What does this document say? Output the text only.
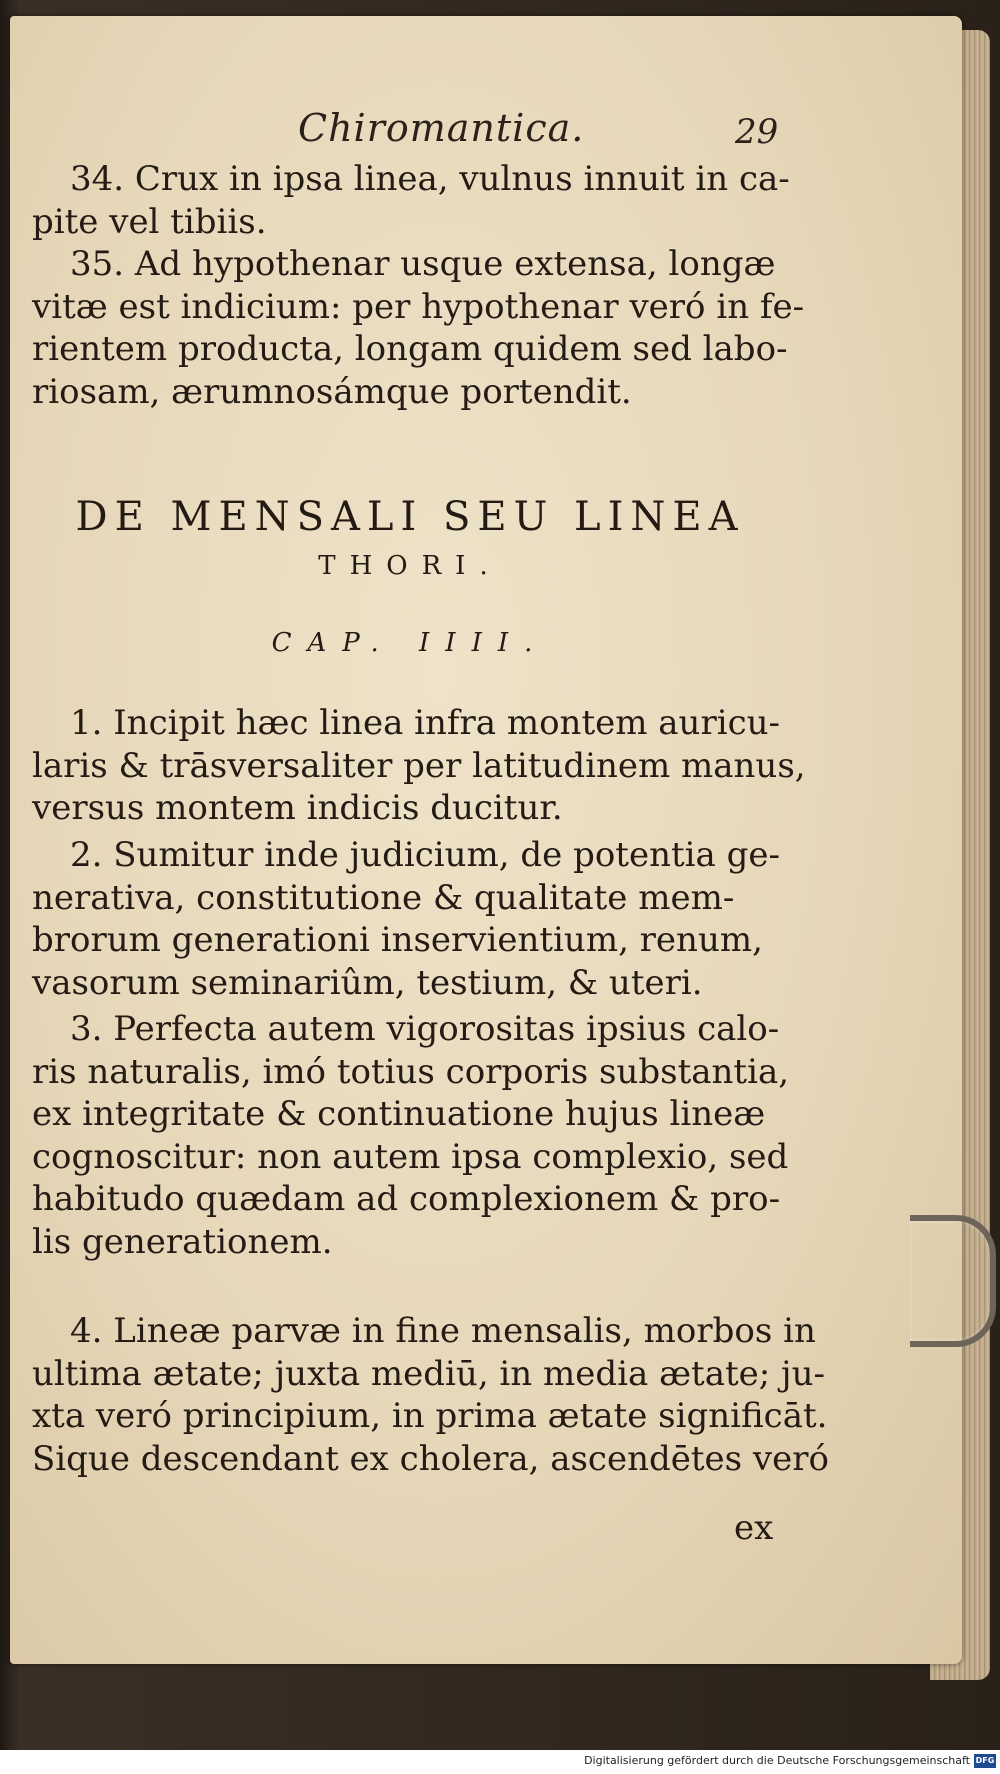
Chiromantica.	29
34. Crux in ipsa linea, vulnus innuit in ca-
pite vel tibiis.
35. Ad hypothenar usque extensa, longæ
vitæ est indicium: per hypothenar veró in fe-
rientem producta, longam quidem sed labo-
riosam, ærumnosámque portendit.
DE MENSALI SEU LINEA
THORI.
CAP. IIII.
1. Incipit hæc linea infra montem auricu-
laris & trāsversaliter per latitudinem manus,
versus montem indicis ducitur.
2. Sumitur inde judicium, de potentia ge-
nerativa, constitutione & qualitate mem-
brorum generationi inservientium, renum,
vasorum seminariûm, testium, & uteri.
3. Perfecta autem vigorositas ipsius calo-
ris naturalis, imó totius corporis substantia,
ex integritate & continuatione hujus lineæ
cognoscitur: non autem ipsa complexio, sed
habitudo quædam ad complexionem & pro-
lis generationem.
4. Lineæ parvæ in fine mensalis, morbos in
ultima ætate; juxta mediū, in media ætate; ju-
xta veró principium, in prima ætate significāt.
Sique descendant ex cholera, ascendētes veró
ex
Digitalisierung gefördert durch die Deutsche Forschungsgemeinschaft DFG
